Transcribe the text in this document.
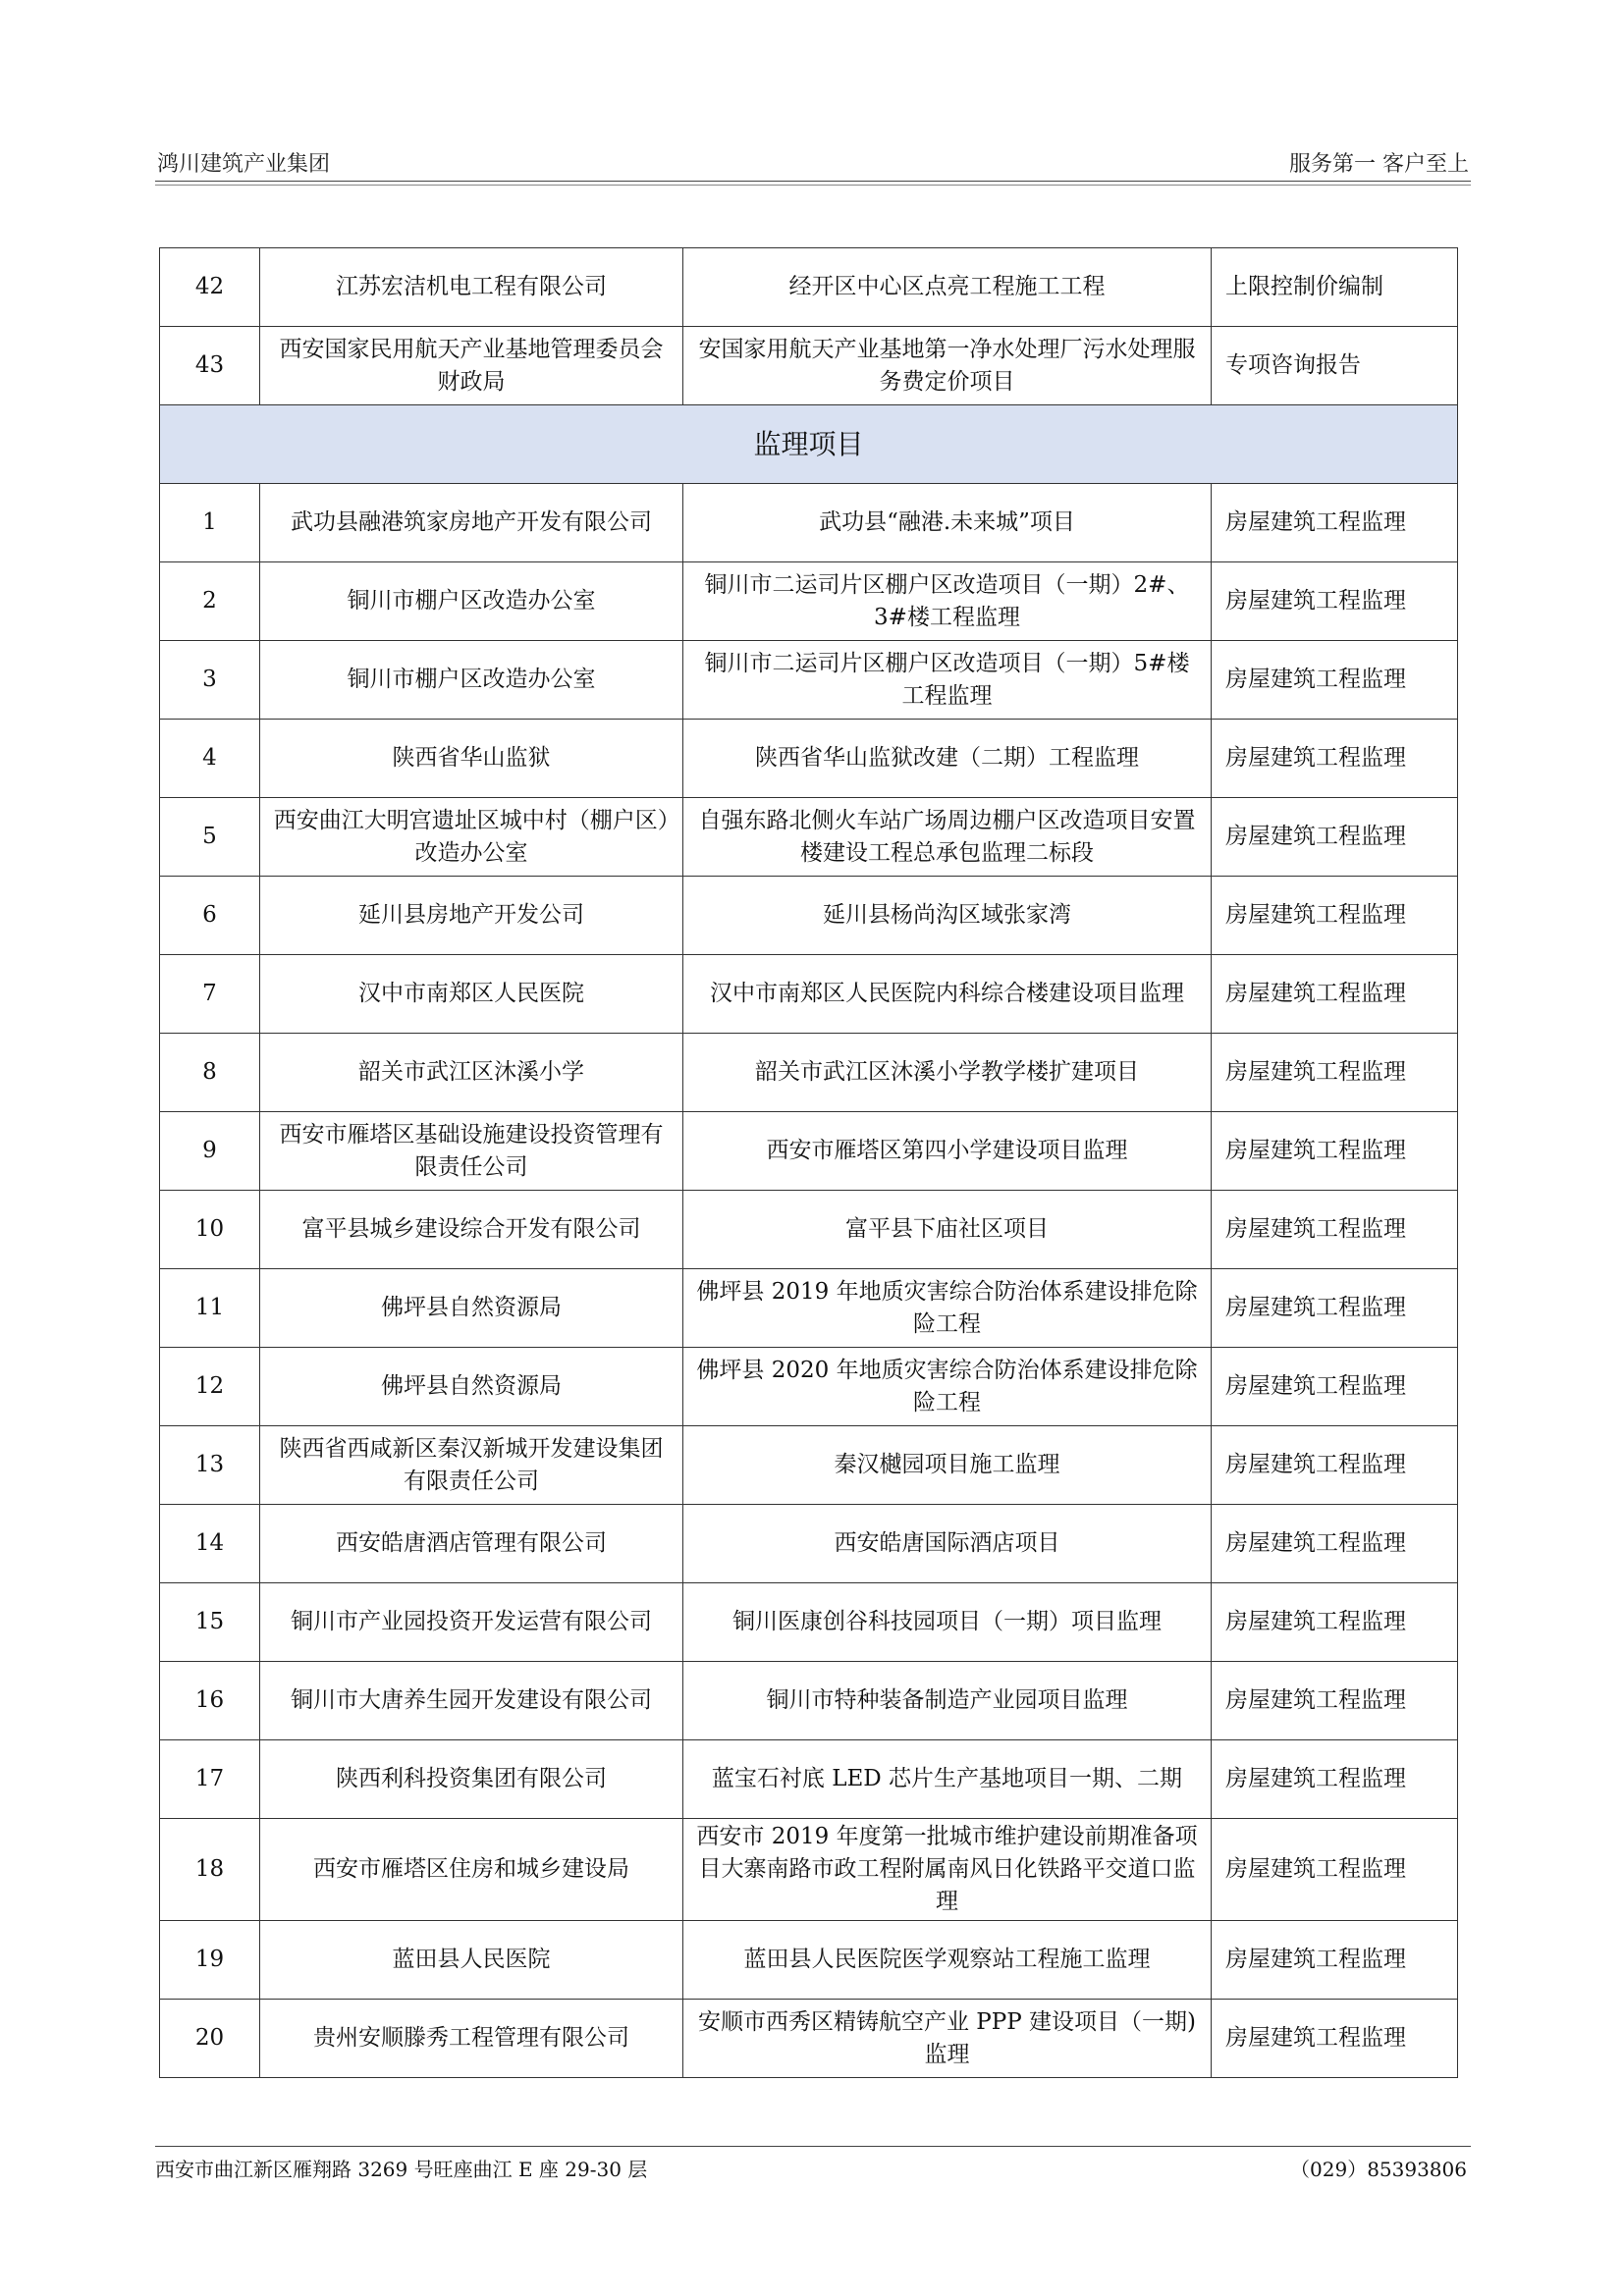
鸿川建筑产业集团	服务第一 客户至上
42	江苏宏洁机电工程有限公司	经开区中心区点亮工程施工工程	上限控制价编制
43	西安国家民用航天产业基地管理委员会财政局	安国家用航天产业基地第一净水处理厂污水处理服务费定价项目	专项咨询报告
监理项目			
1	武功县融港筑家房地产开发有限公司	武功县“融港.未来城”项目	房屋建筑工程监理
2	铜川市棚户区改造办公室	铜川市二运司片区棚户区改造项目（一期）2#、3#楼工程监理	房屋建筑工程监理
3	铜川市棚户区改造办公室	铜川市二运司片区棚户区改造项目（一期）5#楼工程监理	房屋建筑工程监理
4	陕西省华山监狱	陕西省华山监狱改建（二期）工程监理	房屋建筑工程监理
5	西安曲江大明宫遗址区城中村（棚户区）改造办公室	自强东路北侧火车站广场周边棚户区改造项目安置楼建设工程总承包监理二标段	房屋建筑工程监理
6	延川县房地产开发公司	延川县杨尚沟区域张家湾	房屋建筑工程监理
7	汉中市南郑区人民医院	汉中市南郑区人民医院内科综合楼建设项目监理	房屋建筑工程监理
8	韶关市武江区沐溪小学	韶关市武江区沐溪小学教学楼扩建项目	房屋建筑工程监理
9	西安市雁塔区基础设施建设投资管理有限责任公司	西安市雁塔区第四小学建设项目监理	房屋建筑工程监理
10	富平县城乡建设综合开发有限公司	富平县下庙社区项目	房屋建筑工程监理
11	佛坪县自然资源局	佛坪县 2019 年地质灾害综合防治体系建设排危除险工程	房屋建筑工程监理
12	佛坪县自然资源局	佛坪县 2020 年地质灾害综合防治体系建设排危除险工程	房屋建筑工程监理
13	陕西省西咸新区秦汉新城开发建设集团有限责任公司	秦汉樾园项目施工监理	房屋建筑工程监理
14	西安皓唐酒店管理有限公司	西安皓唐国际酒店项目	房屋建筑工程监理
15	铜川市产业园投资开发运营有限公司	铜川医康创谷科技园项目（一期）项目监理	房屋建筑工程监理
16	铜川市大唐养生园开发建设有限公司	铜川市特种装备制造产业园项目监理	房屋建筑工程监理
17	陕西利科投资集团有限公司	蓝宝石衬底 LED 芯片生产基地项目一期、二期	房屋建筑工程监理
18	西安市雁塔区住房和城乡建设局	西安市 2019 年度第一批城市维护建设前期准备项目大寨南路市政工程附属南风日化铁路平交道口监理	房屋建筑工程监理
19	蓝田县人民医院	蓝田县人民医院医学观察站工程施工监理	房屋建筑工程监理
20	贵州安顺滕秀工程管理有限公司	安顺市西秀区精铸航空产业 PPP 建设项目（一期)监理	房屋建筑工程监理
西安市曲江新区雁翔路 3269 号旺座曲江 E 座 29-30 层	（029）85393806
